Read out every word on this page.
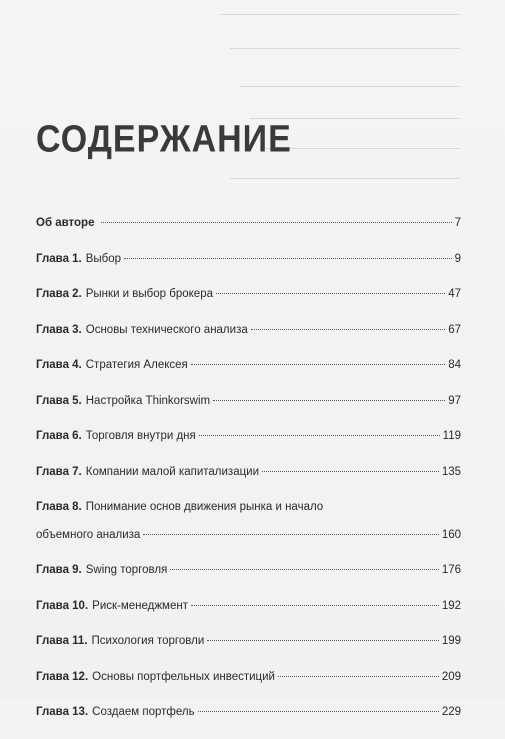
СОДЕРЖАНИЕ
Об авторе	7
Глава 1. Выбор	9
Глава 2. Рынки и выбор брокера	47
Глава 3. Основы технического анализа	67
Глава 4. Стратегия Алексея	84
Глава 5. Настройка Thinkorswim	97
Глава 6. Торговля внутри дня	119
Глава 7. Компании малой капитализации	135
Глава 8. Понимание основ движения рынка и начало
объемного анализа	160
Глава 9. Swing торговля	176
Глава 10. Риск-менеджмент	192
Глава 11. Психология торговли	199
Глава 12. Основы портфельных инвестиций	209
Глава 13. Создаем портфель	229
